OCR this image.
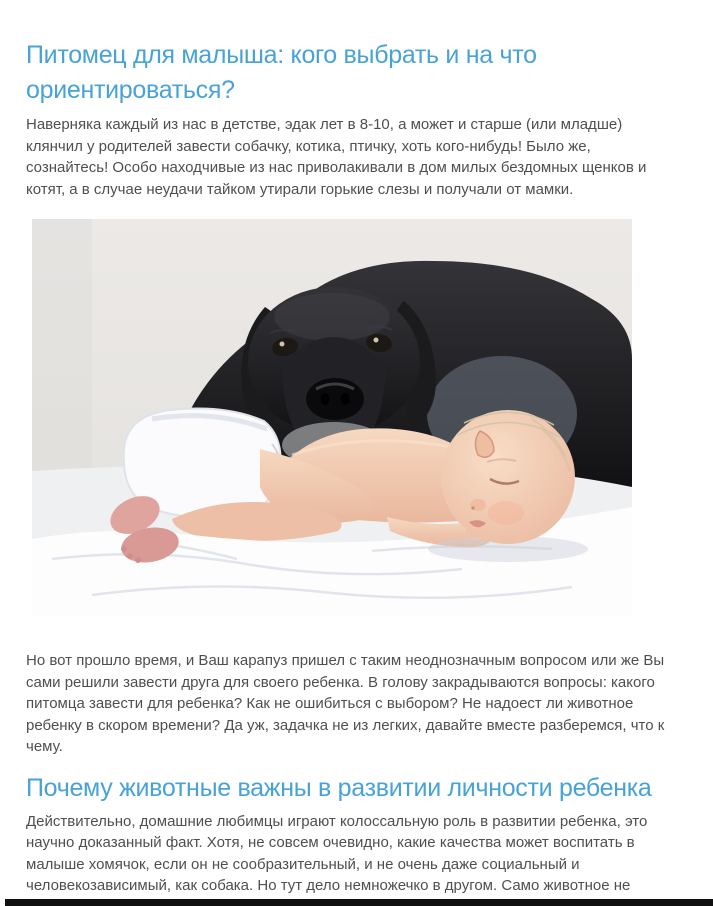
Питомец для малыша: кого выбрать и на что ориентироваться?

Наверняка каждый из нас в детстве, эдак лет в 8-10, а может и старше (или младше) клянчил у родителей завести собачку, котика, птичку, хоть кого-нибудь! Было же, сознайтесь! Особо находчивые из нас приволакивали в дом милых бездомных щенков и котят, а в случае неудачи тайком утирали горькие слезы и получали от мамки.

Но вот прошло время, и Ваш карапуз пришел с таким неоднозначным вопросом или же Вы сами решили завести друга для своего ребенка. В голову закрадываются вопросы: какого питомца завести для ребенка? Как не ошибиться с выбором? Не надоест ли животное ребенку в скором времени? Да уж, задачка не из легких, давайте вместе разберемся, что к чему.

Почему животные важны в развитии личности ребенка

Действительно, домашние любимцы играют колоссальную роль в развитии ребенка, это научно доказанный факт. Хотя, не совсем очевидно, какие качества может воспитать в малыше хомячок, если он не сообразительный, и не очень даже социальный и человекозависимый, как собака. Но тут дело немножечко в другом. Само животное не
